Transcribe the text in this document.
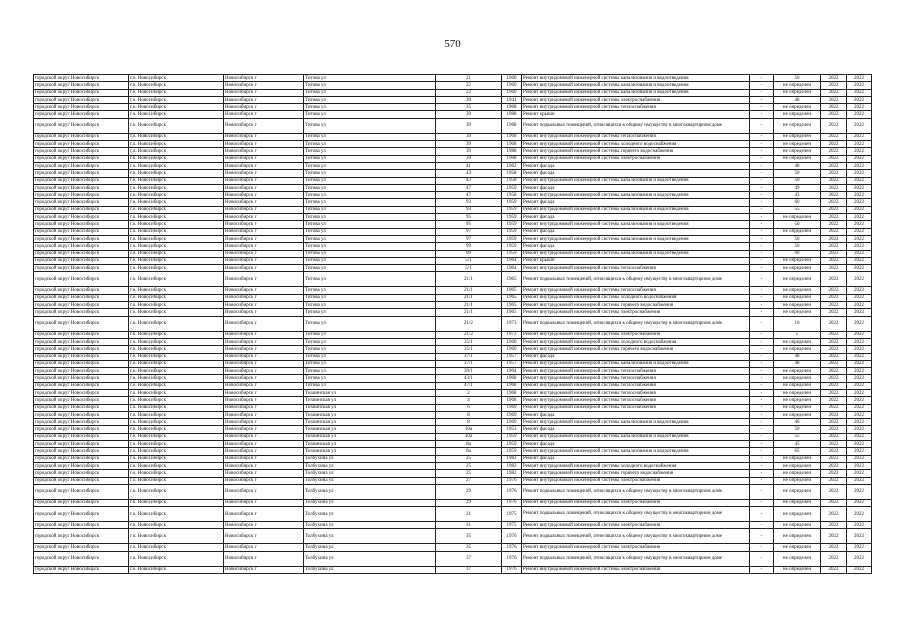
570
городской округ Новосибирск	г.о. Новосибирск	Новосибирск г	Титова ул	21	1960	Ремонт внутридомовой инженерной системы канализования и водоотведения	-	50	2022	2022
городской округ Новосибирск	г.о. Новосибирск	Новосибирск г	Титова ул	22	1960	Ремонт внутридомовой инженерной системы канализования и водоотведения	-	не определен	2022	2022
городской округ Новосибирск	г.о. Новосибирск	Новосибирск г	Титова ул	22	1960	Ремонт внутридомовой инженерной системы канализования и водоотведения	-	не определен	2022	2022
городской округ Новосибирск	г.о. Новосибирск	Новосибирск г	Титова ул	30	1941	Ремонт внутридомовой инженерной системы электроснабжения	-	40	2022	2022
городской округ Новосибирск	г.о. Новосибирск	Новосибирск г	Титова ул	35	1968	Ремонт внутридомовой инженерной системы теплоснабжения	-	не определен	2022	2022
городской округ Новосибирск	г.о. Новосибирск	Новосибирск г	Титова ул	39	1988	Ремонт крыши	-	не определен	2022	2022
городской округ Новосибирск	г.о. Новосибирск	Новосибирск г	Титова ул	39	1968	Ремонт подвальных помещений, относящихся к общему имуществу в многоквартирном доме	-	не определен	2022	2022
городской округ Новосибирск	г.о. Новосибирск	Новосибирск г	Титова ул	39	1968	Ремонт внутридомовой инженерной системы теплоснабжения	-	не определен	2022	2022
городской округ Новосибирск	г.о. Новосибирск	Новосибирск г	Титова ул	39	1968	Ремонт внутридомовой инженерной системы холодного водоснабжения	-	не определен	2022	2022
городской округ Новосибирск	г.о. Новосибирск	Новосибирск г	Титова ул	39	1988	Ремонт внутридомовой инженерной системы горячего водоснабжения	-	не определен	2022	2022
городской округ Новосибирск	г.о. Новосибирск	Новосибирск г	Титова ул	39	1968	Ремонт внутридомовой инженерной системы электроснабжения	-	не определен	2022	2022
городской округ Новосибирск	г.о. Новосибирск	Новосибирск г	Титова ул	41	1962	Ремонт фасада	-	48	2022	2022
городской округ Новосибирск	г.о. Новосибирск	Новосибирск г	Титова ул	43	1958	Ремонт фасада	-	50	2022	2022
городской округ Новосибирск	г.о. Новосибирск	Новосибирск г	Титова ул	43	1958	Ремонт внутридомовой инженерной системы канализования и водоотведения	-	50	2022	2022
городской округ Новосибирск	г.о. Новосибирск	Новосибирск г	Титова ул	47	1959	Ремонт фасада	-	49	2022	2022
городской округ Новосибирск	г.о. Новосибирск	Новосибирск г	Титова ул	47	1958	Ремонт внутридомовой инженерной системы канализования и водоотведения	-	43	2022	2022
городской округ Новосибирск	г.о. Новосибирск	Новосибирск г	Титова ул	93	1959	Ремонт фасада	-	60	2022	2022
городской округ Новосибирск	г.о. Новосибирск	Новосибирск г	Титова ул	93	1959	Ремонт внутридомовой инженерной системы канализования и водоотведения	-	55	2022	2022
городской округ Новосибирск	г.о. Новосибирск	Новосибирск г	Титова ул	95	1959	Ремонт фасада	-	не определен	2022	2022
городской округ Новосибирск	г.о. Новосибирск	Новосибирск г	Титова ул	95	1959	Ремонт внутридомовой инженерной системы канализования и водоотведения	-	50	2022	2022
городской округ Новосибирск	г.о. Новосибирск	Новосибирск г	Титова ул	97	1959	Ремонт фасада	-	не определен	2022	2022
городской округ Новосибирск	г.о. Новосибирск	Новосибирск г	Титова ул	97	1959	Ремонт внутридомовой инженерной системы канализования и водоотведения	-	50	2022	2022
городской округ Новосибирск	г.о. Новосибирск	Новосибирск г	Титова ул	99	1959	Ремонт фасада	-	50	2022	2022
городской округ Новосибирск	г.о. Новосибирск	Новосибирск г	Титова ул	99	1959	Ремонт внутридомовой инженерной системы канализования и водоотведения	-	60	2022	2022
городской округ Новосибирск	г.о. Новосибирск	Новосибирск г	Титова ул	5/1	1964	Ремонт крыши	-	не определен	2022	2022
городской округ Новосибирск	г.о. Новосибирск	Новосибирск г	Титова ул	5/1	1964	Ремонт внутридомовой инженерной системы теплоснабжения	-	не определен	2022	2022
городской округ Новосибирск	г.о. Новосибирск	Новосибирск г	Титова ул	21/1	1965	Ремонт подвальных помещений, относящихся к общему имуществу в многоквартирном доме	-	не определен	2022	2022
городской округ Новосибирск	г.о. Новосибирск	Новосибирск г	Титова ул	21/1	1965	Ремонт внутридомовой инженерной системы теплоснабжения	-	не определен	2022	2022
городской округ Новосибирск	г.о. Новосибирск	Новосибирск г	Титова ул	21/1	1965	Ремонт внутридомовой инженерной системы холодного водоснабжения	-	не определен	2022	2022
городской округ Новосибирск	г.о. Новосибирск	Новосибирск г	Титова ул	21/1	1965	Ремонт внутридомовой инженерной системы горячего водоснабжения	-	не определен	2022	2022
городской округ Новосибирск	г.о. Новосибирск	Новосибирск г	Титова ул	21/1	1965	Ремонт внутридомовой инженерной системы электроснабжения	-	не определен	2022	2022
городской округ Новосибирск	г.о. Новосибирск	Новосибирск г	Титова ул	21/2	1973	Ремонт подвальных помещений, относящихся к общему имуществу в многоквартирном доме	-	10	2022	2022
городской округ Новосибирск	г.о. Новосибирск	Новосибирск г	Титова ул	21/2	1973	Ремонт внутридомовой инженерной системы электроснабжения	-	5	2022	2022
городской округ Новосибирск	г.о. Новосибирск	Новосибирск г	Титова ул	35/1	1960	Ремонт внутридомовой инженерной системы холодного водоснабжения	-	не определен	2022	2022
городской округ Новосибирск	г.о. Новосибирск	Новосибирск г	Титова ул	35/1	1960	Ремонт внутридомовой инженерной системы горячего водоснабжения	-	не определен	2022	2022
городской округ Новосибирск	г.о. Новосибирск	Новосибирск г	Титова ул	37/1	1957	Ремонт фасада	-	48	2022	2022
городской округ Новосибирск	г.о. Новосибирск	Новосибирск г	Титова ул	37/1	1957	Ремонт внутридомовой инженерной системы канализования и водоотведения	-	48	2022	2022
городской округ Новосибирск	г.о. Новосибирск	Новосибирск г	Титова ул	39/1	1964	Ремонт внутридомовой инженерной системы теплоснабжения	-	не определен	2022	2022
городской округ Новосибирск	г.о. Новосибирск	Новосибирск г	Титова ул	43/1	1968	Ремонт внутридомовой инженерной системы теплоснабжения	-	не определен	2022	2022
городской округ Новосибирск	г.о. Новосибирск	Новосибирск г	Титова ул	47/1	1968	Ремонт внутридомовой инженерной системы теплоснабжения	-	не определен	2022	2022
городской округ Новосибирск	г.о. Новосибирск	Новосибирск г	Тихвинская ул	2	1968	Ремонт внутридомовой инженерной системы теплоснабжения	-	не определен	2022	2022
городской округ Новосибирск	г.о. Новосибирск	Новосибирск г	Тихвинская ул	4	1968	Ремонт внутридомовой инженерной системы теплоснабжения	-	не определен	2022	2022
городской округ Новосибирск	г.о. Новосибирск	Новосибирск г	Тихвинская ул	6	1969	Ремонт внутридомовой инженерной системы теплоснабжения	-	не определен	2022	2022
городской округ Новосибирск	г.о. Новосибирск	Новосибирск г	Тихвинская ул	8	1969	Ремонт фасада	-	не определен	2022	2022
городской округ Новосибирск	г.о. Новосибирск	Новосибирск г	Тихвинская ул	8	1969	Ремонт внутридомовой инженерной системы канализования и водоотведения	-	46	2022	2022
городской округ Новосибирск	г.о. Новосибирск	Новосибирск г	Тихвинская ул	10а	1953	Ремонт фасада	-	50	2022	2022
городской округ Новосибирск	г.о. Новосибирск	Новосибирск г	Тихвинская ул	10а	1959	Ремонт внутридомовой инженерной системы канализования и водоотведения	-	55	2022	2022
городской округ Новосибирск	г.о. Новосибирск	Новосибирск г	Тихвинская ул	8а	1959	Ремонт фасада	-	45	2022	2022
городской округ Новосибирск	г.о. Новосибирск	Новосибирск г	Тихвинская ул	8а	1959	Ремонт внутридомовой инженерной системы канализования и водоотведения	-	65	2022	2022
городской округ Новосибирск	г.о. Новосибирск	Новосибирск г	Толбухина ул	25	1982	Ремонт фасада	-	не определен	2022	2022
городской округ Новосибирск	г.о. Новосибирск	Новосибирск г	Толбухина ул	25	1982	Ремонт внутридомовой инженерной системы холодного водоснабжения	-	не определен	2022	2022
городской округ Новосибирск	г.о. Новосибирск	Новосибирск г	Толбухина ул	25	1982	Ремонт внутридомовой инженерной системы горячего водоснабжения	-	не определен	2022	2022
городской округ Новосибирск	г.о. Новосибирск	Новосибирск г	Толбухина ул	27	1976	Ремонт внутридомовой инженерной системы электроснабжения	-	не определен	2022	2022
городской округ Новосибирск	г.о. Новосибирск	Новосибирск г	Толбухина ул	29	1976	Ремонт подвальных помещений, относящихся к общему имуществу в многоквартирном доме	-	не определен	2022	2022
городской округ Новосибирск	г.о. Новосибирск	Новосибирск г	Толбухина ул	29	1976	Ремонт внутридомовой инженерной системы электроснабжения	-	не определен	2022	2022
городской округ Новосибирск	г.о. Новосибирск	Новосибирск г	Толбухина ул	31	1975	Ремонт подвальных помещений, относящихся к общему имуществу в многоквартирном доме	-	не определен	2022	2022
городской округ Новосибирск	г.о. Новосибирск	Новосибирск г	Толбухина ул	31	1975	Ремонт внутридомовой инженерной системы электроснабжения	-	не определен	2022	2022
городской округ Новосибирск	г.о. Новосибирск	Новосибирск г	Толбухина ул	35	1976	Ремонт подвальных помещений, относящихся к общему имуществу в многоквартирном доме	-	не определен	2022	2022
городской округ Новосибирск	г.о. Новосибирск	Новосибирск г	Толбухина ул	35	1976	Ремонт внутридомовой инженерной системы электроснабжения	-	не определен	2022	2022
городской округ Новосибирск	г.о. Новосибирск	Новосибирск г	Толбухина ул	37	1976	Ремонт подвальных помещений, относящихся к общему имуществу в многоквартирном доме	-	не определен	2022	2022
городской округ Новосибирск	г.о. Новосибирск	Новосибирск г	Толбухина ул	37	1976	Ремонт внутридомовой инженерной системы электроснабжения	-	не определен	2022	2022
